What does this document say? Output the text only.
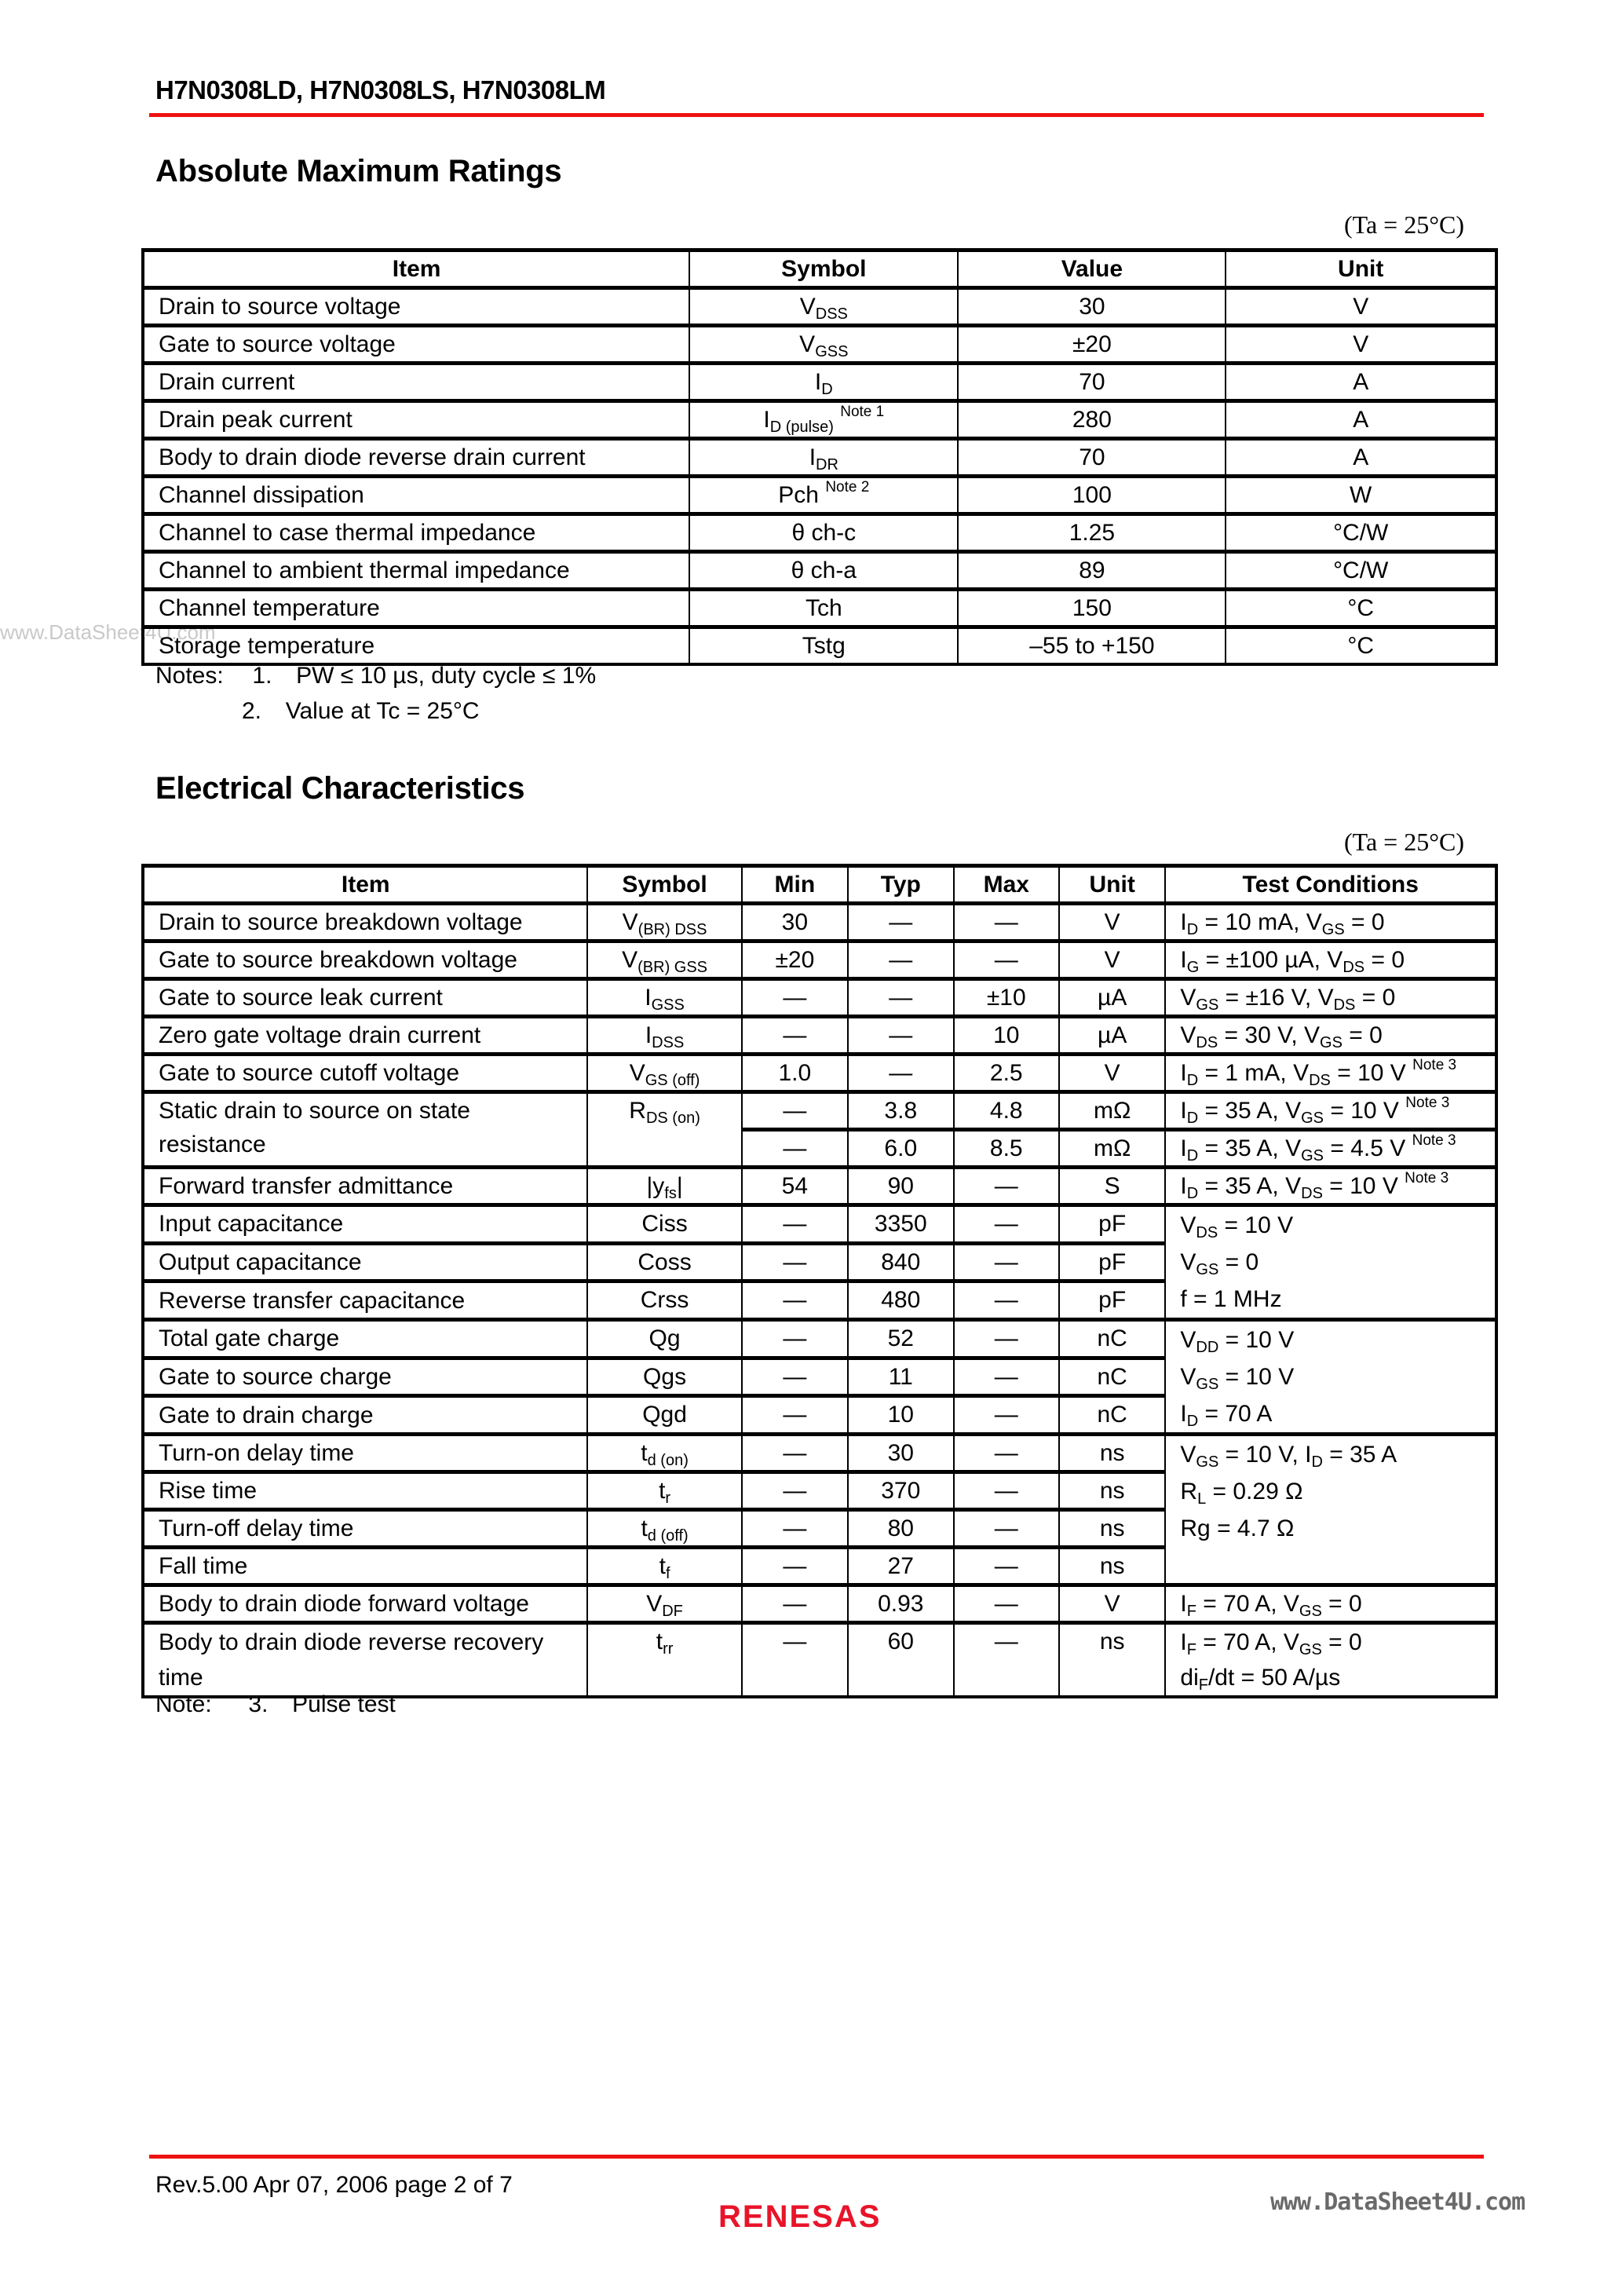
H7N0308LD, H7N0308LS, H7N0308LM
www.DataSheet4U.com
Absolute Maximum Ratings
(Ta = 25°C)
Item	Symbol	Value	Unit
Drain to source voltage	$V_{DSS}$	30	V
Gate to source voltage	$V_{GSS}$	±20	V
Drain current	$I_D$	70	A
Drain peak current	$I_{D (pulse)}$ $^{Note 1}$	280	A
Body to drain diode reverse drain current	$I_{DR}$	70	A
Channel dissipation	Pch $^{Note 2}$	100	W
Channel to case thermal impedance	θ ch-c	1.25	°C/W
Channel to ambient thermal impedance	θ ch-a	89	°C/W
Channel temperature	Tch	150	°C
Storage temperature	Tstg	–55 to +150	°C
Notes: 1. PW ≤ 10 µs, duty cycle ≤ 1%
2. Value at Tc = 25°C
Electrical Characteristics
(Ta = 25°C)
Item	Symbol	Min	Typ	Max	Unit	Test Conditions
Drain to source breakdown voltage	$V_{(BR) DSS}$	30	—	—	V	$I_D = 10$ mA, $V_{GS} = 0$
Gate to source breakdown voltage	$V_{(BR) GSS}$	±20	—	—	V	$I_G = \pm 100$ µA, $V_{DS} = 0$
Gate to source leak current	$I_{GSS}$	—	—	±10	µA	$V_{GS} = \pm 16$ V, $V_{DS} = 0$
Zero gate voltage drain current	$I_{DSS}$	—	—	10	µA	$V_{DS} = 30$ V, $V_{GS} = 0$
Gate to source cutoff voltage	$V_{GS (off)}$	1.0	—	2.5	V	$I_D = 1$ mA, $V_{DS} = 10$ V $^{Note 3}$
Static drain to source on state
resistance	$R_{DS (on)}$	—	3.8	4.8	mΩ	$I_D = 35$ A, $V_{GS} = 10$ V $^{Note 3}$
		—	6.0	8.5	mΩ	$I_D = 35$ A, $V_{GS} = 4.5$ V $^{Note 3}$
Forward transfer admittance	$|y_{fs}|$	54	90	—	S	$I_D = 35$ A, $V_{DS} = 10$ V $^{Note 3}$
Input capacitance	Ciss	—	3350	—	pF	$V_{DS} = 10$ V
$V_{GS} = 0$
f = 1 MHz
Output capacitance	Coss	—	840	—	pF	
Reverse transfer capacitance	Crss	—	480	—	pF	
Total gate charge	Qg	—	52	—	nC	$V_{DD} = 10$ V
$V_{GS} = 10$ V
$I_D = 70$ A
Gate to source charge	Qgs	—	11	—	nC	
Gate to drain charge	Qgd	—	10	—	nC	
Turn-on delay time	$t_{d (on)}$	—	30	—	ns	$V_{GS} = 10$ V, $I_D = 35$ A
$R_L = 0.29$ Ω
Rg = 4.7 Ω
Rise time	$t_r$	—	370	—	ns	
Turn-off delay time	$t_{d (off)}$	—	80	—	ns	
Fall time	$t_f$	—	27	—	ns	
Body to drain diode forward voltage	$V_{DF}$	—	0.93	—	V	$I_F = 70$ A, $V_{GS} = 0$
Body to drain diode reverse recovery
time	$t_{rr}$	—	60	—	ns	$I_F = 70$ A, $V_{GS} = 0$
$di_F/dt = 50$ A/µs
Note: 3. Pulse test
Rev.5.00 Apr 07, 2006 page 2 of 7
RENESAS	www.DataSheet4U.com
